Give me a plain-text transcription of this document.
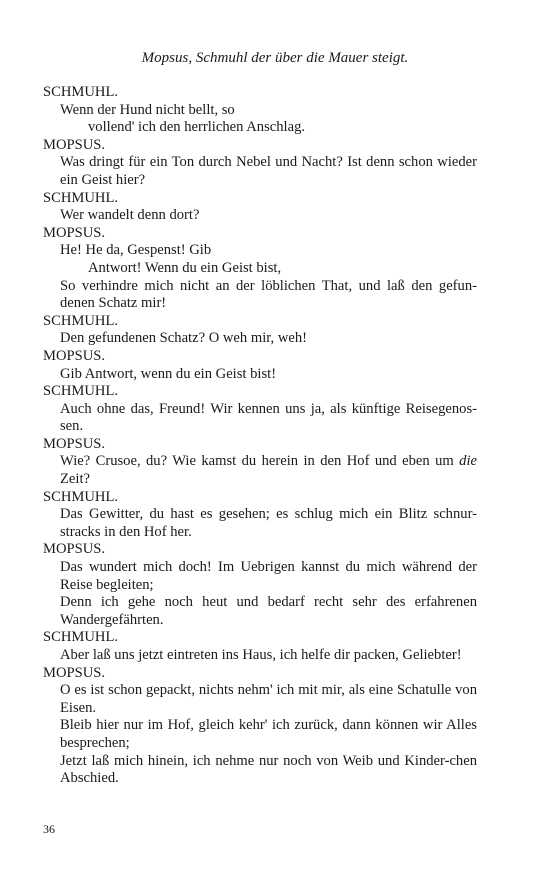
Mopsus, Schmuhl der über die Mauer steigt.
SCHMUHL.
Wenn der Hund nicht bellt, so
vollend' ich den herrlichen Anschlag.
MOPSUS.
Was dringt für ein Ton durch Nebel und Nacht? Ist denn schon wieder ein Geist hier?
SCHMUHL.
Wer wandelt denn dort?
MOPSUS.
He! He da, Gespenst! Gib
Antwort! Wenn du ein Geist bist,
So verhindre mich nicht an der löblichen That, und laß den gefun-denen Schatz mir!
SCHMUHL.
Den gefundenen Schatz? O weh mir, weh!
MOPSUS.
Gib Antwort, wenn du ein Geist bist!
SCHMUHL.
Auch ohne das, Freund! Wir kennen uns ja, als künftige Reisegenos-sen.
MOPSUS.
Wie? Crusoe, du? Wie kamst du herein in den Hof und eben um die Zeit?
SCHMUHL.
Das Gewitter, du hast es gesehen; es schlug mich ein Blitz schnur-stracks in den Hof her.
MOPSUS.
Das wundert mich doch! Im Uebrigen kannst du mich während der Reise begleiten;
Denn ich gehe noch heut und bedarf recht sehr des erfahrenen Wandergefährten.
SCHMUHL.
Aber laß uns jetzt eintreten ins Haus, ich helfe dir packen, Geliebter!
MOPSUS.
O es ist schon gepackt, nichts nehm' ich mit mir, als eine Schatulle von Eisen.
Bleib hier nur im Hof, gleich kehr' ich zurück, dann können wir Alles besprechen;
Jetzt laß mich hinein, ich nehme nur noch von Weib und Kinder-chen Abschied.
36
